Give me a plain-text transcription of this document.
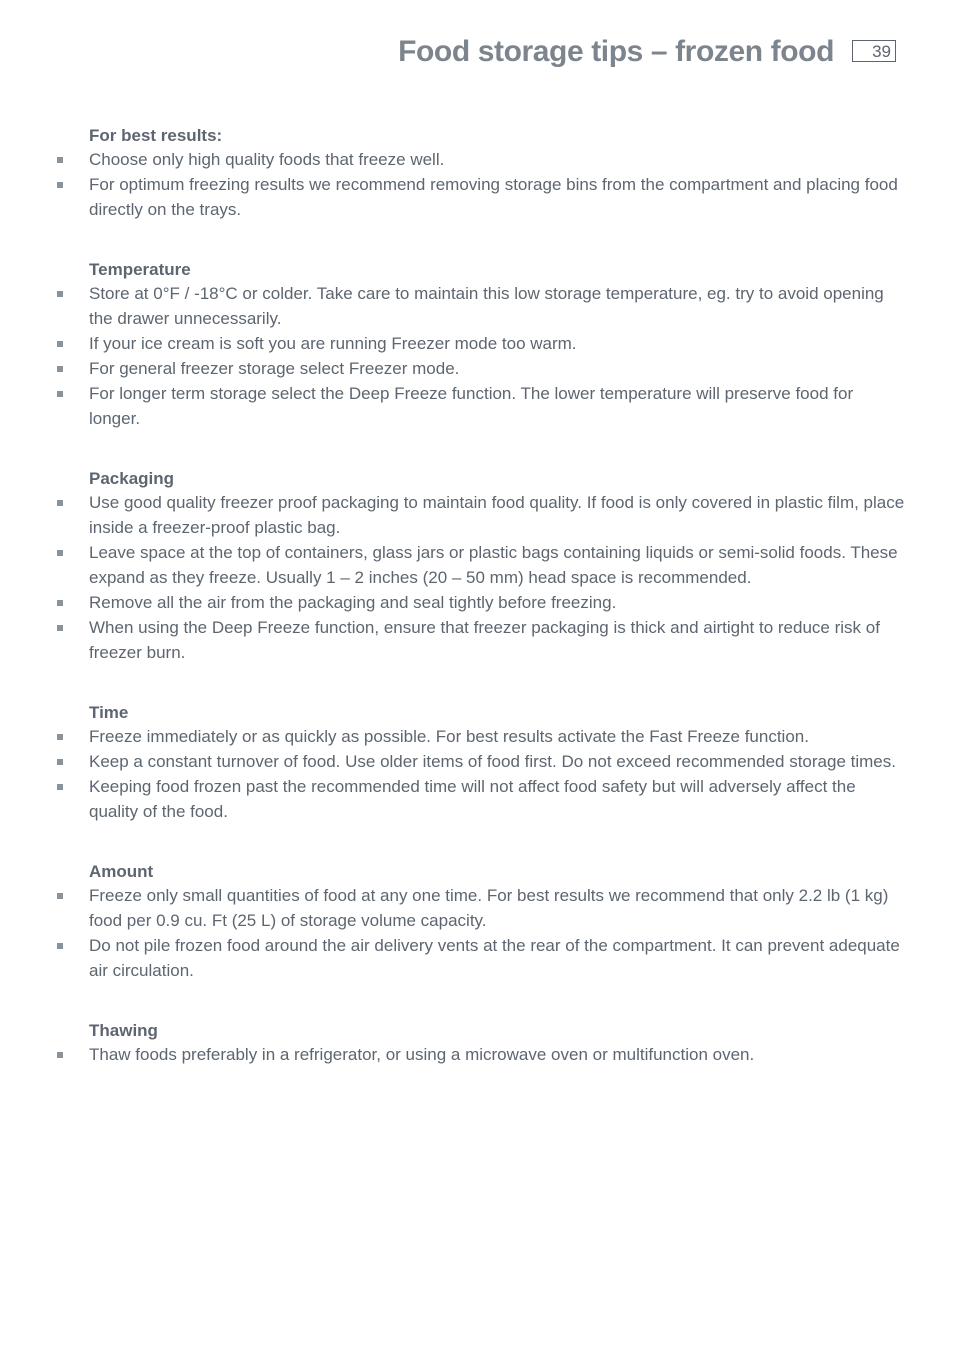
Food storage tips – frozen food	39
For best results:
Choose only high quality foods that freeze well.
For optimum freezing results we recommend removing storage bins from the compartment and placing food directly on the trays.
Temperature
Store at 0°F / -18°C or colder. Take care to maintain this low storage temperature, eg. try to avoid opening the drawer unnecessarily.
If your ice cream is soft you are running Freezer mode too warm.
For general freezer storage select Freezer mode.
For longer term storage select the Deep Freeze function. The lower temperature will preserve food for longer.
Packaging
Use good quality freezer proof packaging to maintain food quality. If food is only covered in plastic film, place inside a freezer-proof plastic bag.
Leave space at the top of containers, glass jars or plastic bags containing liquids or semi-solid foods. These expand as they freeze. Usually 1 – 2 inches (20 – 50 mm) head space is recommended.
Remove all the air from the packaging and seal tightly before freezing.
When using the Deep Freeze function, ensure that freezer packaging is thick and airtight to reduce risk of freezer burn.
Time
Freeze immediately or as quickly as possible. For best results activate the Fast Freeze function.
Keep a constant turnover of food. Use older items of food first. Do not exceed recommended storage times.
Keeping food frozen past the recommended time will not affect food safety but will adversely affect the quality of the food.
Amount
Freeze only small quantities of food at any one time. For best results we recommend that only 2.2 lb (1 kg) food per 0.9 cu. Ft (25 L) of storage volume capacity.
Do not pile frozen food around the air delivery vents at the rear of the compartment. It can prevent adequate air circulation.
Thawing
Thaw foods preferably in a refrigerator, or using a microwave oven or multifunction oven.
